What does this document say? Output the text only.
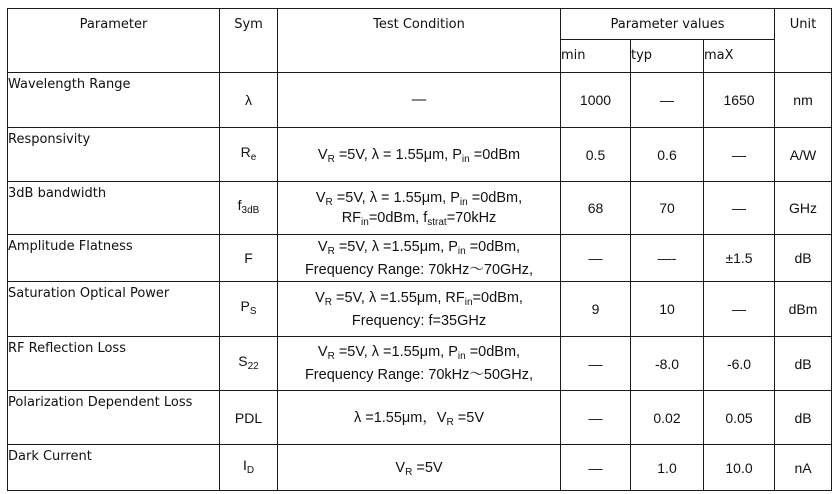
Parameter	Sym	Test Condition	Parameter values			Unit
			min	typ	maX	
Wavelength Range	λ	—	1000	—	1650	nm
Responsivity	$R_e$	$V_R =5V$, λ = 1.55μm, $P_{in} =0dBm$	0.5	0.6	—	A/W
3dB bandwidth	$f_{3dB}$	$V_R =5V$, λ = 1.55μm, $P_{in} =0dBm$,
$RF_{in}=0dBm$, $f_{strat}=70kHz$	68	70	—	GHz
Amplitude Flatness	F	$V_R =5V$, λ =1.55μm, $P_{in} =0dBm$,
Frequency Range: 70kHz～70GHz,	—	—-	±1.5	dB
Saturation Optical Power	$P_S$	$V_R =5V$, λ =1.55μm, $RF_{in}=0dBm$,
Frequency: f=35GHz	9	10	—	dBm
RF Reflection Loss	$S_{22}$	$V_R =5V$, λ =1.55μm, $P_{in} =0dBm$,
Frequency Range: 70kHz～50GHz,	—	-8.0	-6.0	dB
Polarization Dependent Loss	PDL	λ =1.55μm，$V_R =5V$	—	0.02	0.05	dB
Dark Current	$I_D$	$V_R =5V$	—	1.0	10.0	nA
